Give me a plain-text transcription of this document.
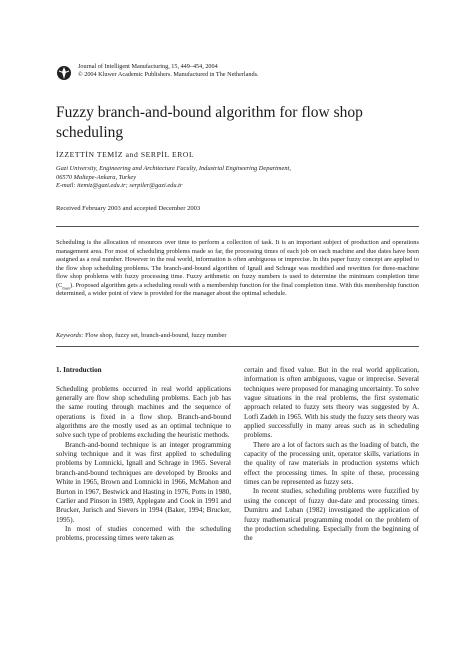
Journal of Intelligent Manufacturing, 15, 449–454, 2004
© 2004 Kluwer Academic Publishers. Manufactured in The Netherlands.
Fuzzy branch-and-bound algorithm for flow shop scheduling
İZZETTİN TEMİZ and SERPİL EROL
Gazi University, Engineering and Architecture Faculty, Industrial Engineering Department,
06570 Maltepe-Ankara, Turkey
E-mail: itemiz@gazi.edu.tr; serpiler@gazi.edu.tr
Received February 2003 and accepted December 2003
Scheduling is the allocation of resources over time to perform a collection of task. It is an important subject of production and operations management area. For most of scheduling problems made so far, the processing times of each job on each machine and due dates have been assigned as a real number. However in the real world, information is often ambiguous or imprecise. In this paper fuzzy concept are applied to the flow shop scheduling problems. The branch-and-bound algorithm of Ignall and Schrage was modified and rewritten for three-machine flow shop problems with fuzzy processing time. Fuzzy arithmetic on fuzzy numbers is used to determine the minimum completion time $(C_{max})$. Proposed algorithm gets a scheduling result with a membership function for the final completion time. With this membership function determined, a wider point of view is provided for the manager about the optimal schedule.
Keywords: Flow shop, fuzzy set, branch-and-bound, fuzzy number
1. Introduction

Scheduling problems occurred in real world applications generally are flow shop scheduling problems. Each job has the same routing through machines and the sequence of operations is fixed in a flow shop. Branch-and-bound algorithms are the mostly used as an optimal technique to solve such type of problems excluding the heuristic methods.

Branch-and-bound technique is an integer programming solving technique and it was first applied to scheduling problems by Lomnicki, Ignall and Schrage in 1965. Several branch-and-bound techniques are developed by Brooks and White in 1965, Brown and Lomnicki in 1966, McMahon and Burton in 1967, Bestwick and Hasting in 1976, Potts in 1980, Carlier and Pinson in 1989, Applegate and Cook in 1991 and Brucker, Jurisch and Sievers in 1994 (Baker, 1994; Brucker, 1995).

In most of studies concerned with the scheduling problems, processing times were taken as

certain and fixed value. But in the real world application, information is often ambiguous, vague or imprecise. Several techniques were proposed for managing uncertainty. To solve vague situations in the real problems, the first systematic approach related to fuzzy sets theory was suggested by A. Lotfi Zadeh in 1965. With his study the fuzzy sets theory was applied successfully in many areas such as in scheduling problems.

There are a lot of factors such as the loading of batch, the capacity of the processing unit, operator skills, variations in the quality of raw materials in production systems which effect the processing times. In spite of these, processing times can be represented as fuzzy sets.

In recent studies, scheduling problems were fuzzified by using the concept of fuzzy due-date and processing times. Dumitru and Luban (1982) investigated the application of fuzzy mathematical programming model on the problem of the production scheduling. Especially from the beginning of the
